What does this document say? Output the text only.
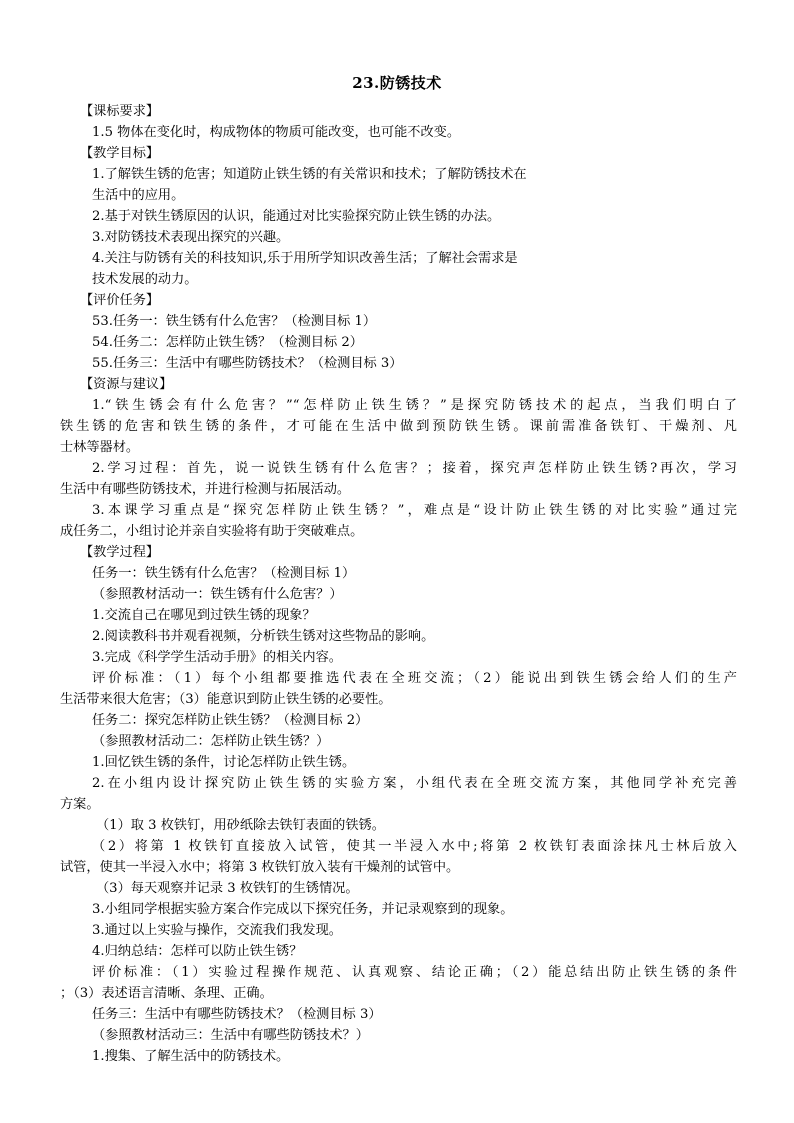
23.防锈技术
【课标要求】
1.5 物体在变化时，构成物体的物质可能改变，也可能不改变。
【教学目标】
1.了解铁生锈的危害；知道防止铁生锈的有关常识和技术；了解防锈技术在
生活中的应用。
2.基于对铁生锈原因的认识，能通过对比实验探究防止铁生锈的办法。
3.对防锈技术表现出探究的兴趣。
4.关注与防锈有关的科技知识,乐于用所学知识改善生活；了解社会需求是
技术发展的动力。
【评价任务】
53.任务一：铁生锈有什么危害？（检测目标 1）
54.任务二：怎样防止铁生锈？（检测目标 2）
55.任务三：生活中有哪些防锈技术？（检测目标 3）
【资源与建议】
1.“铁生锈会有什么危害？”“怎样防止铁生锈？”是探究防锈技术的起点，当我们明白了
铁生锈的危害和铁生锈的条件，才可能在生活中做到预防铁生锈。课前需准备铁钉、干燥剂、凡
士林等器材。
2.学习过程：首先，说一说铁生锈有什么危害？；接着，探究声怎样防止铁生锈?再次，学习
生活中有哪些防锈技术，并进行检测与拓展活动。
3.本课学习重点是“探究怎样防止铁生锈？”，难点是“设计防止铁生锈的对比实验”通过完
成任务二，小组讨论并亲自实验将有助于突破难点。
【教学过程】
任务一：铁生锈有什么危害？（检测目标 1）
（参照教材活动一：铁生锈有什么危害？）
1.交流自己在哪见到过铁生锈的现象？
2.阅读教科书并观看视频，分析铁生锈对这些物品的影响。
3.完成《科学学生活动手册》的相关内容。
评价标准：（1）每个小组都要推选代表在全班交流；（2）能说出到铁生锈会给人们的生产
生活带来很大危害；（3）能意识到防止铁生锈的必要性。
任务二：探究怎样防止铁生锈？（检测目标 2）
（参照教材活动二：怎样防止铁生锈？）
1.回忆铁生锈的条件，讨论怎样防止铁生锈。
2.在小组内设计探究防止铁生锈的实验方案，小组代表在全班交流方案，其他同学补充完善
方案。
（1）取 3 枚铁钉，用砂纸除去铁钉表面的铁锈。
（2）将第 1 枚铁钉直接放入试管，使其一半浸入水中;将第 2 枚铁钉表面涂抹凡士林后放入
试管，使其一半浸入水中；将第 3 枚铁钉放入装有干燥剂的试管中。
（3）每天观察并记录 3 枚铁钉的生锈情况。
3.小组同学根据实验方案合作完成以下探究任务，并记录观察到的现象。
3.通过以上实验与操作，交流我们我发现。
4.归纳总结：怎样可以防止铁生锈？
评价标准：（1）实验过程操作规范、认真观察、结论正确；（2）能总结出防止铁生锈的条件
；（3）表述语言清晰、条理、正确。
任务三：生活中有哪些防锈技术？（检测目标 3）
（参照教材活动三：生活中有哪些防锈技术？）
1.搜集、了解生活中的防锈技术。
